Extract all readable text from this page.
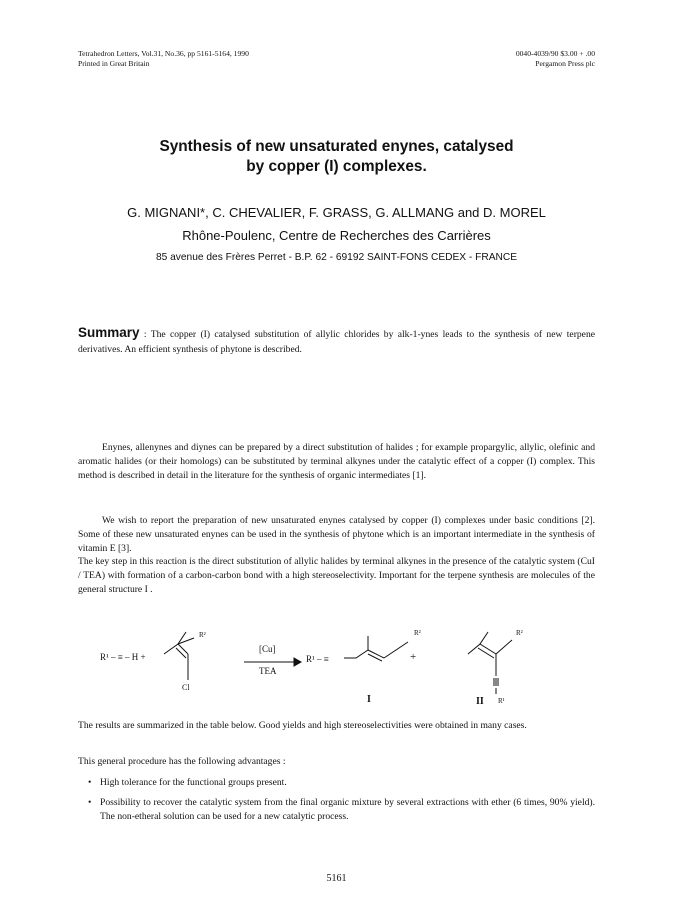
Tetrahedron Letters, Vol.31, No.36, pp 5161-5164, 1990
Printed in Great Britain
0040-4039/90 $3.00 + .00
Pergamon Press plc
Synthesis of new unsaturated enynes, catalysed
by copper (I) complexes.
G. MIGNANI*, C. CHEVALIER, F. GRASS, G. ALLMANG and D. MOREL
Rhône-Poulenc, Centre de Recherches des Carrières
85 avenue des Frères Perret - B.P. 62 - 69192 SAINT-FONS CEDEX - FRANCE
Summary : The copper (I) catalysed substitution of allylic chlorides by alk-1-ynes leads to the synthesis of new terpene derivatives. An efficient synthesis of phytone is described.
Enynes, allenynes and diynes can be prepared by a direct substitution of halides ; for example propargylic, allylic, olefinic and aromatic halides (or their homologs) can be substituted by terminal alkynes under the catalytic effect of a copper (I) complex. This method is described in detail in the literature for the synthesis of organic intermediates [1].
We wish to report the preparation of new unsaturated enynes catalysed by copper (I) complexes under basic conditions [2]. Some of these new unsaturated enynes can be used in the synthesis of phytone which is an important intermediate in the synthesis of vitamin E [3].
The key step in this reaction is the direct substitution of allylic halides by terminal alkynes in the presence of the catalytic system (CuI / TEA) with formation of a carbon-carbon bond with a high stereoselectivity. Important for the terpene synthesis are molecules of the general structure I .
R¹ – ≡ – H +
R²
Cl
[Cu]
TEA
R¹ – ≡
R²
+
R²
R¹
I	II
The results are summarized in the table below. Good yields and high stereoselectivities were obtained in many cases.
This general procedure has the following advantages :
• High tolerance for the functional groups present.
• Possibility to recover the catalytic system from the final organic mixture by several extractions with ether (6 times, 90% yield). The non-etheral solution can be used for a new catalytic process.
5161
